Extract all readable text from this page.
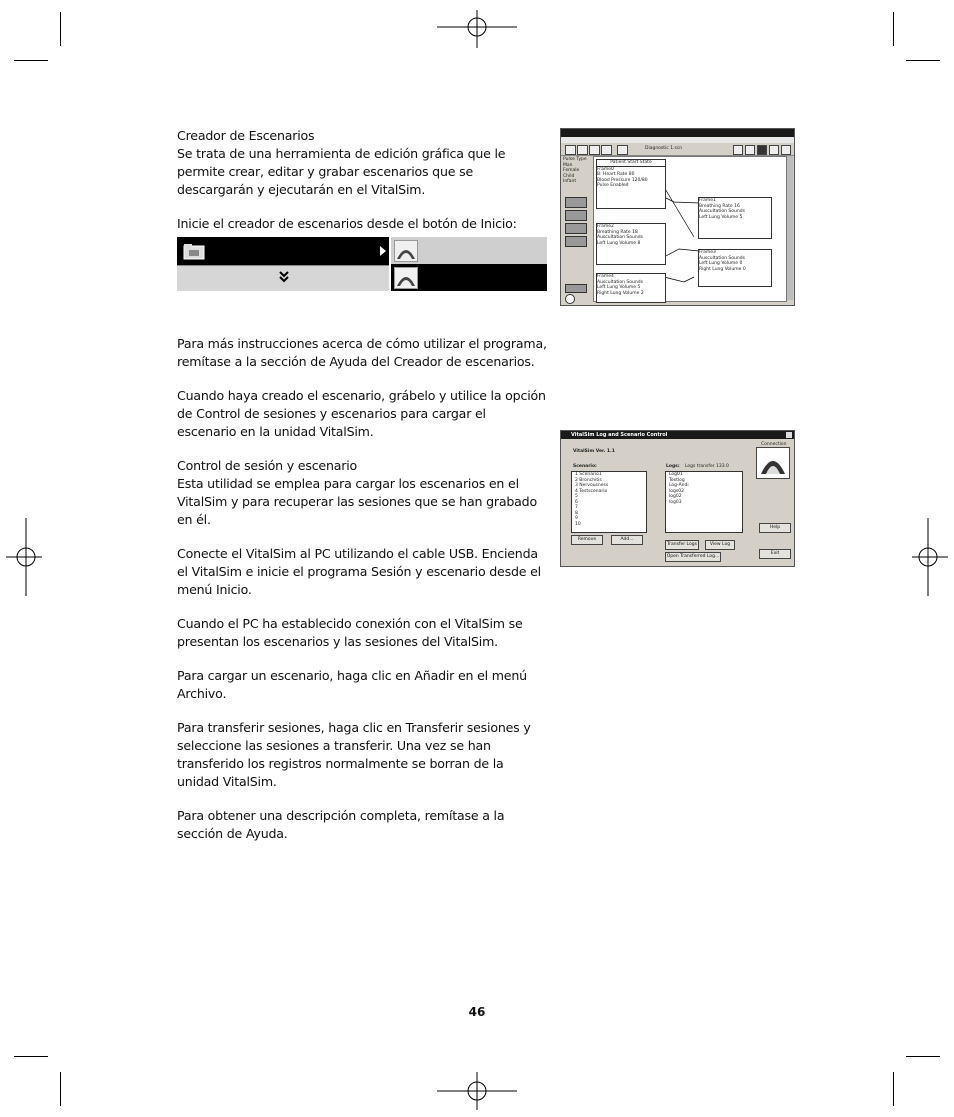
Creador de Escenarios

Se trata de una herramienta de edición gráfica que le permite crear, editar y grabar escenarios que se descargarán y ejecutarán en el VitalSim.

Inicie el creador de escenarios desde el botón de Inicio:

Para más instrucciones acerca de cómo utilizar el programa, remítase a la sección de Ayuda del Creador de escenarios.

Cuando haya creado el escenario, grábelo y utilice la opción de Control de sesiones y escenarios para cargar el escenario en la unidad VitalSim.

Control de sesión y escenario

Esta utilidad se emplea para cargar los escenarios en el VitalSim y para recuperar las sesiones que se han grabado en él.

Conecte el VitalSim al PC utilizando el cable USB. Encienda el VitalSim e inicie el programa Sesión y escenario desde el menú Inicio.

Cuando el PC ha establecido conexión con el VitalSim se presentan los escenarios y las sesiones del VitalSim.

Para cargar un escenario, haga clic en Añadir en el menú Archivo.

Para transferir sesiones, haga clic en Transferir sesiones y seleccione las sesiones a transferir. Una vez se han transferido los registros normalmente se borran de la unidad VitalSim.

Para obtener una descripción completa, remítase a la sección de Ayuda.

Diagnostic 1.scn
Pulse Type
Man
Female
Child
Infant
Patient Start State
Frame0
B: Heart Rate 80
Blood Pressure 120/80
Pulse Enabled
Frame1
Breathing Rate 16
Auscultation Sounds
Left Lung Volume 5
Frame2
Breathing Rate 18
Auscultation Sounds
Left Lung Volume 8
Frame3
Auscultation Sounds
Left Lung Volume 0
Right Lung Volume 0
Frame4
Auscultation Sounds
Left Lung Volume 5
Right Lung Volume 2
VitalSim Log and Scenario Control
VitalSim Ver. 1.1
Scenario:	Logs: Logs transfer 133.0
Connection
1 Scenario1
2 Bronchitis
3 Nervousness
4 Testscenario
5
6
7
8
9
10
Log01
Testlog
Log-Andi
logs02
log02
log03
Remove	Add...
Transfer Logs	View Log
Open Transferred Log...
Help
Exit
46
